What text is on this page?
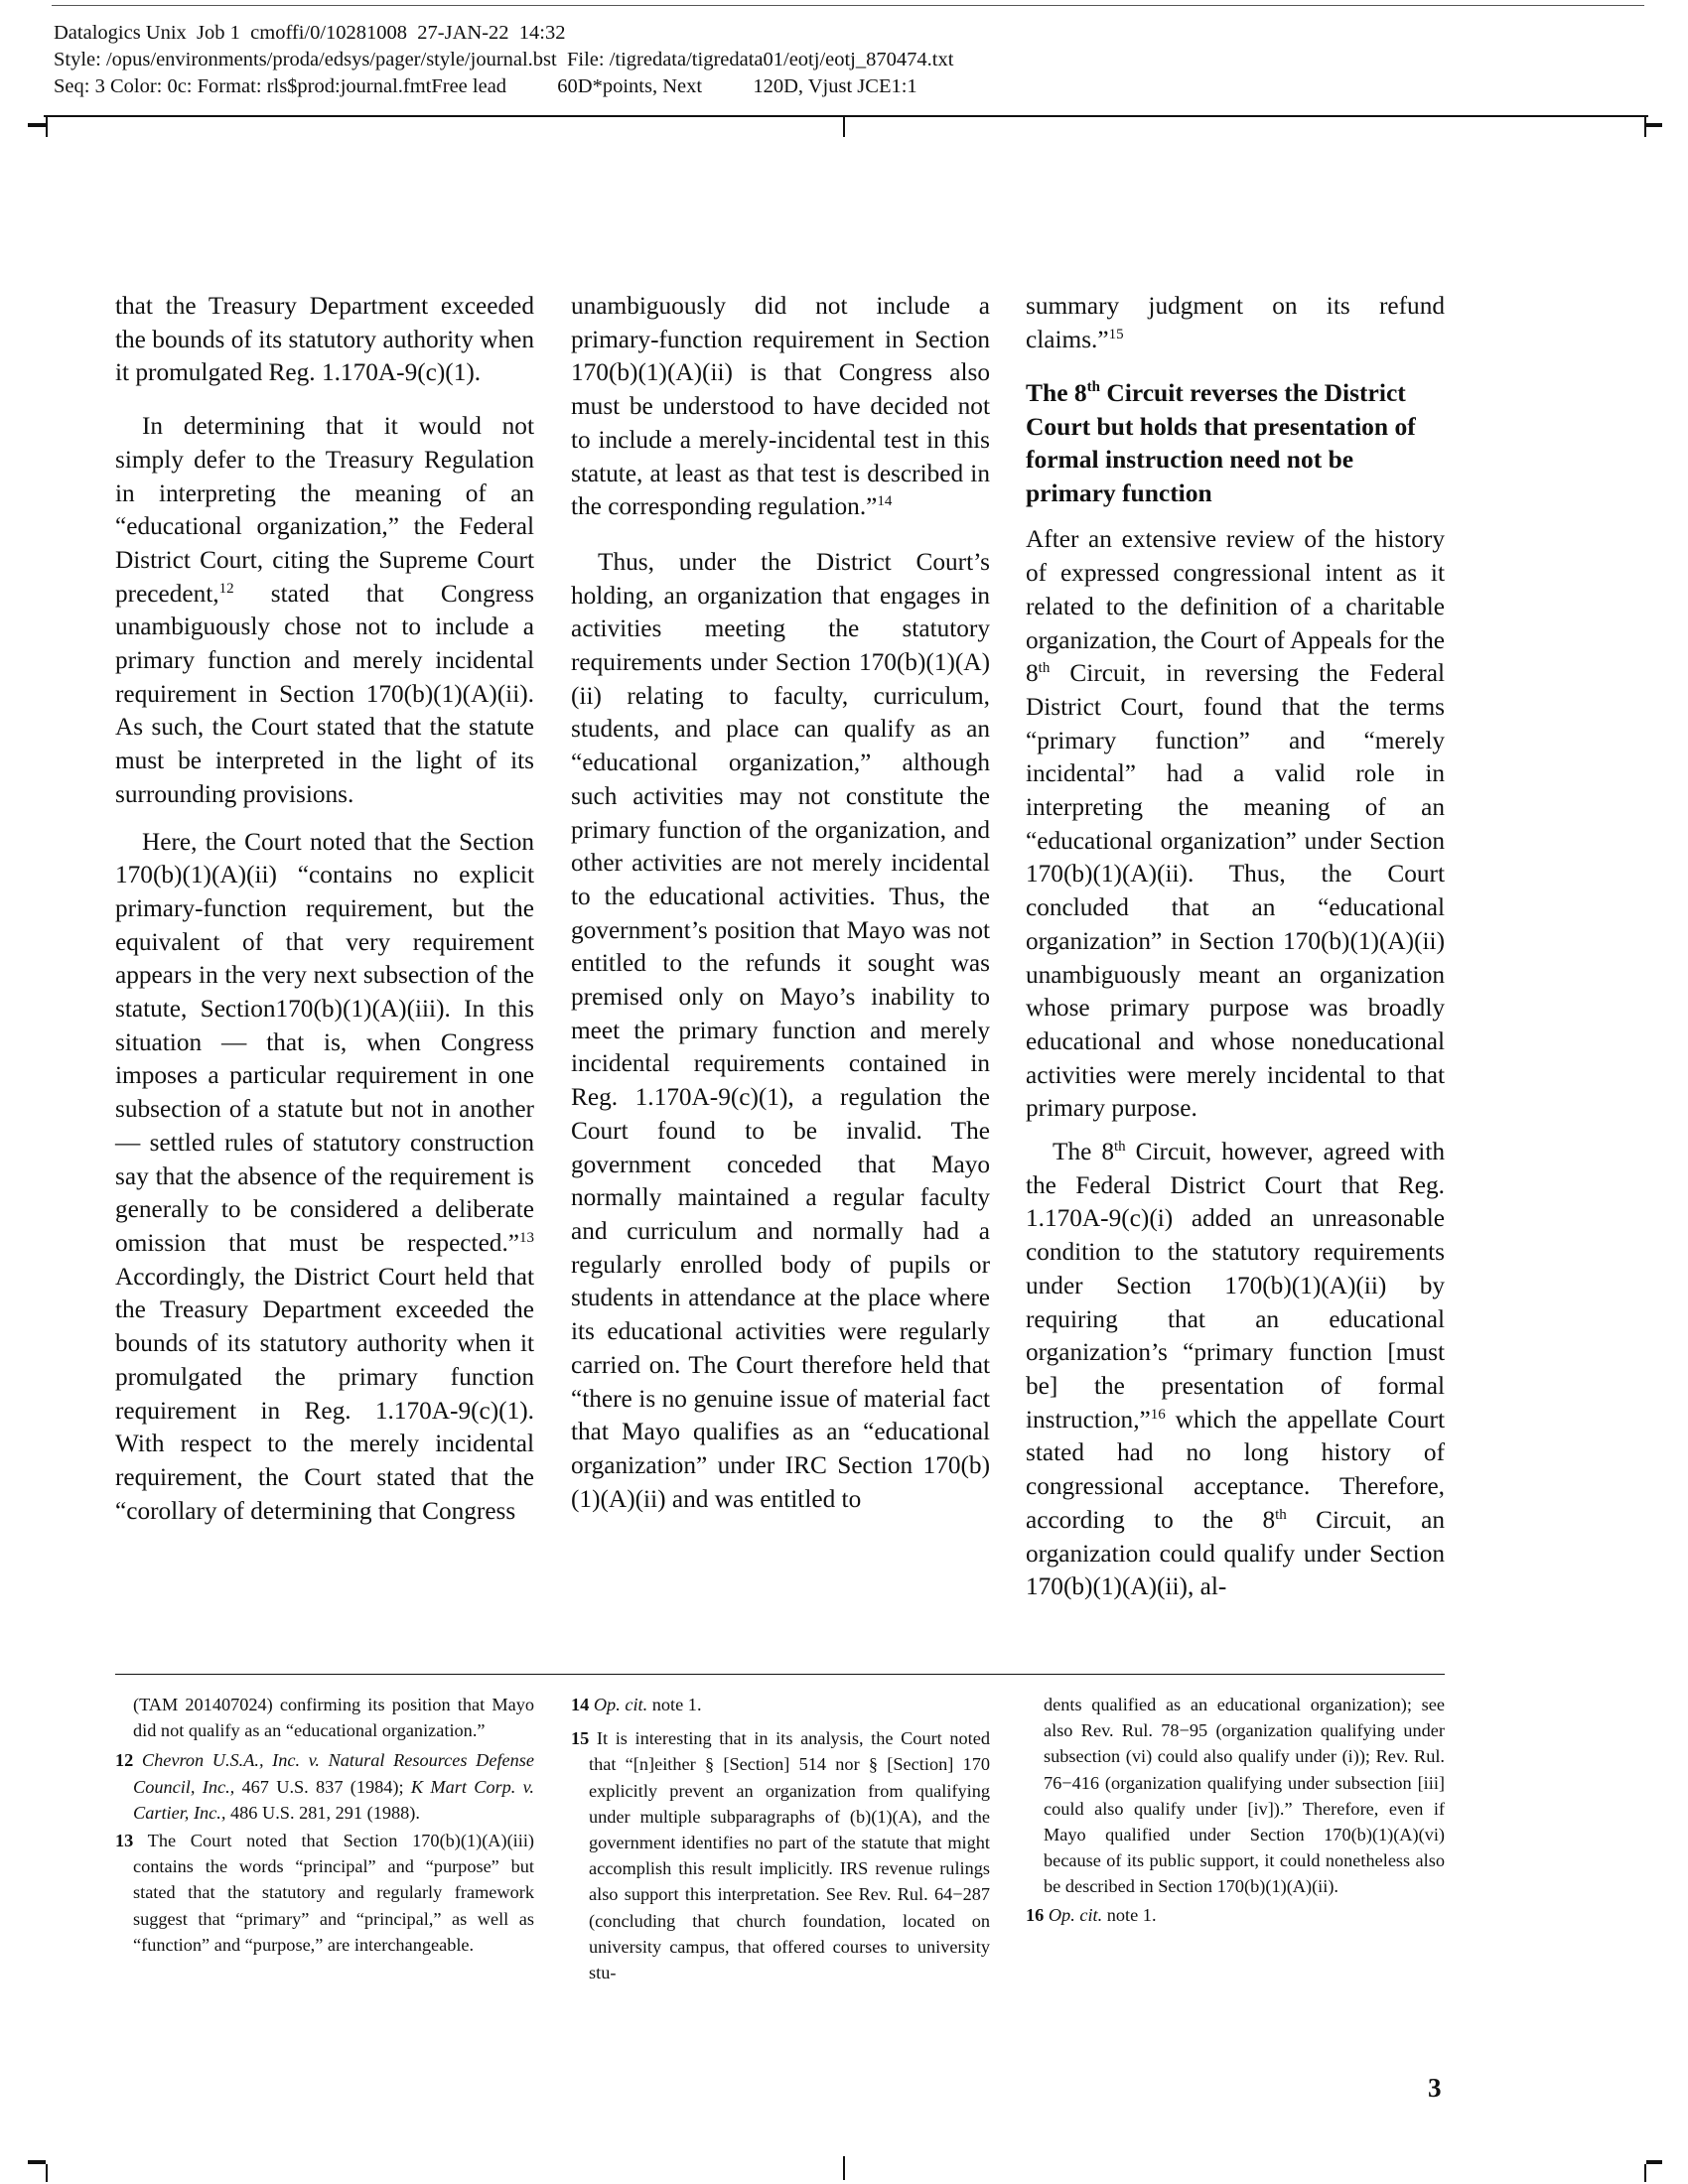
Datalogics Unix  Job 1  cmoffi/0/10281008  27-JAN-22  14:32
Style: /opus/environments/proda/edsys/pager/style/journal.bst  File: /tigredata/tigredata01/eotj/eotj_870474.txt
Seq: 3 Color: 0c: Format: rls$prod:journal.fmtFree lead          60D*points, Next          120D, Vjust JCE1:1

that the Treasury Department exceeded the bounds of its statutory authority when it promulgated Reg. 1.170A-9(c)(1).

In determining that it would not simply defer to the Treasury Regulation in interpreting the meaning of an “educational organization,” the Federal District Court, citing the Supreme Court precedent,$^{12}$ stated that Congress unambiguously chose not to include a primary function and merely incidental requirement in Section 170(b)(1)(A)(ii). As such, the Court stated that the statute must be interpreted in the light of its surrounding provisions.

Here, the Court noted that the Section 170(b)(1)(A)(ii) “contains no explicit primary-function requirement, but the equivalent of that very requirement appears in the very next subsection of the statute, Section170(b)(1)(A)(iii). In this situation — that is, when Congress imposes a particular requirement in one subsection of a statute but not in another — settled rules of statutory construction say that the absence of the requirement is generally to be considered a deliberate omission that must be respected.”$^{13}$ Accordingly, the District Court held that the Treasury Department exceeded the bounds of its statutory authority when it promulgated the primary function requirement in Reg. 1.170A-9(c)(1). With respect to the merely incidental requirement, the Court stated that the “corollary of determining that Congress

unambiguously did not include a primary-function requirement in Section 170(b)(1)(A)(ii) is that Congress also must be understood to have decided not to include a merely-incidental test in this statute, at least as that test is described in the corresponding regulation.”$^{14}$

Thus, under the District Court’s holding, an organization that engages in activities meeting the statutory requirements under Section 170(b)(1)(A)(ii) relating to faculty, curriculum, students, and place can qualify as an “educational organization,” although such activities may not constitute the primary function of the organization, and other activities are not merely incidental to the educational activities. Thus, the government’s position that Mayo was not entitled to the refunds it sought was premised only on Mayo’s inability to meet the primary function and merely incidental requirements contained in Reg. 1.170A-9(c)(1), a regulation the Court found to be invalid. The government conceded that Mayo normally maintained a regular faculty and curriculum and normally had a regularly enrolled body of pupils or students in attendance at the place where its educational activities were regularly carried on. The Court therefore held that “there is no genuine issue of material fact that Mayo qualifies as an “educational organization” under IRC Section 170(b)(1)(A)(ii) and was entitled to

summary judgment on its refund claims.”$^{15}$

The 8th Circuit reverses the District Court but holds that presentation of formal instruction need not be primary function

After an extensive review of the history of expressed congressional intent as it related to the definition of a charitable organization, the Court of Appeals for the 8th Circuit, in reversing the Federal District Court, found that the terms “primary function” and “merely incidental” had a valid role in interpreting the meaning of an “educational organization” under Section 170(b)(1)(A)(ii). Thus, the Court concluded that an “educational organization” in Section 170(b)(1)(A)(ii) unambiguously meant an organization whose primary purpose was broadly educational and whose noneducational activities were merely incidental to that primary purpose.

The 8th Circuit, however, agreed with the Federal District Court that Reg. 1.170A-9(c)(i) added an unreasonable condition to the statutory requirements under Section 170(b)(1)(A)(ii) by requiring that an educational organization’s “primary function [must be] the presentation of formal instruction,”$^{16}$ which the appellate Court stated had no long history of congressional acceptance. Therefore, according to the 8th Circuit, an organization could qualify under Section 170(b)(1)(A)(ii), al-

(TAM 201407024) confirming its position that Mayo did not qualify as an “educational organization.”

12 Chevron U.S.A., Inc. v. Natural Resources Defense Council, Inc., 467 U.S. 837 (1984); K Mart Corp. v. Cartier, Inc., 486 U.S. 281, 291 (1988).

13 The Court noted that Section 170(b)(1)(A)(iii) contains the words “principal” and “purpose” but stated that the statutory and regularly framework suggest that “primary” and “principal,” as well as “function” and “purpose,” are interchangeable.

14 Op. cit. note 1.

15 It is interesting that in its analysis, the Court noted that “[n]either § [Section] 514 nor § [Section] 170 explicitly prevent an organization from qualifying under multiple subparagraphs of (b)(1)(A), and the government identifies no part of the statute that might accomplish this result implicitly. IRS revenue rulings also support this interpretation. See Rev. Rul. 64−287 (concluding that church foundation, located on university campus, that offered courses to university stu-

dents qualified as an educational organization); see also Rev. Rul. 78−95 (organization qualifying under subsection (vi) could also qualify under (i)); Rev. Rul. 76−416 (organization qualifying under subsection [iii] could also qualify under [iv]).” Therefore, even if Mayo qualified under Section 170(b)(1)(A)(vi) because of its public support, it could nonetheless also be described in Section 170(b)(1)(A)(ii).

16 Op. cit. note 1.

3
